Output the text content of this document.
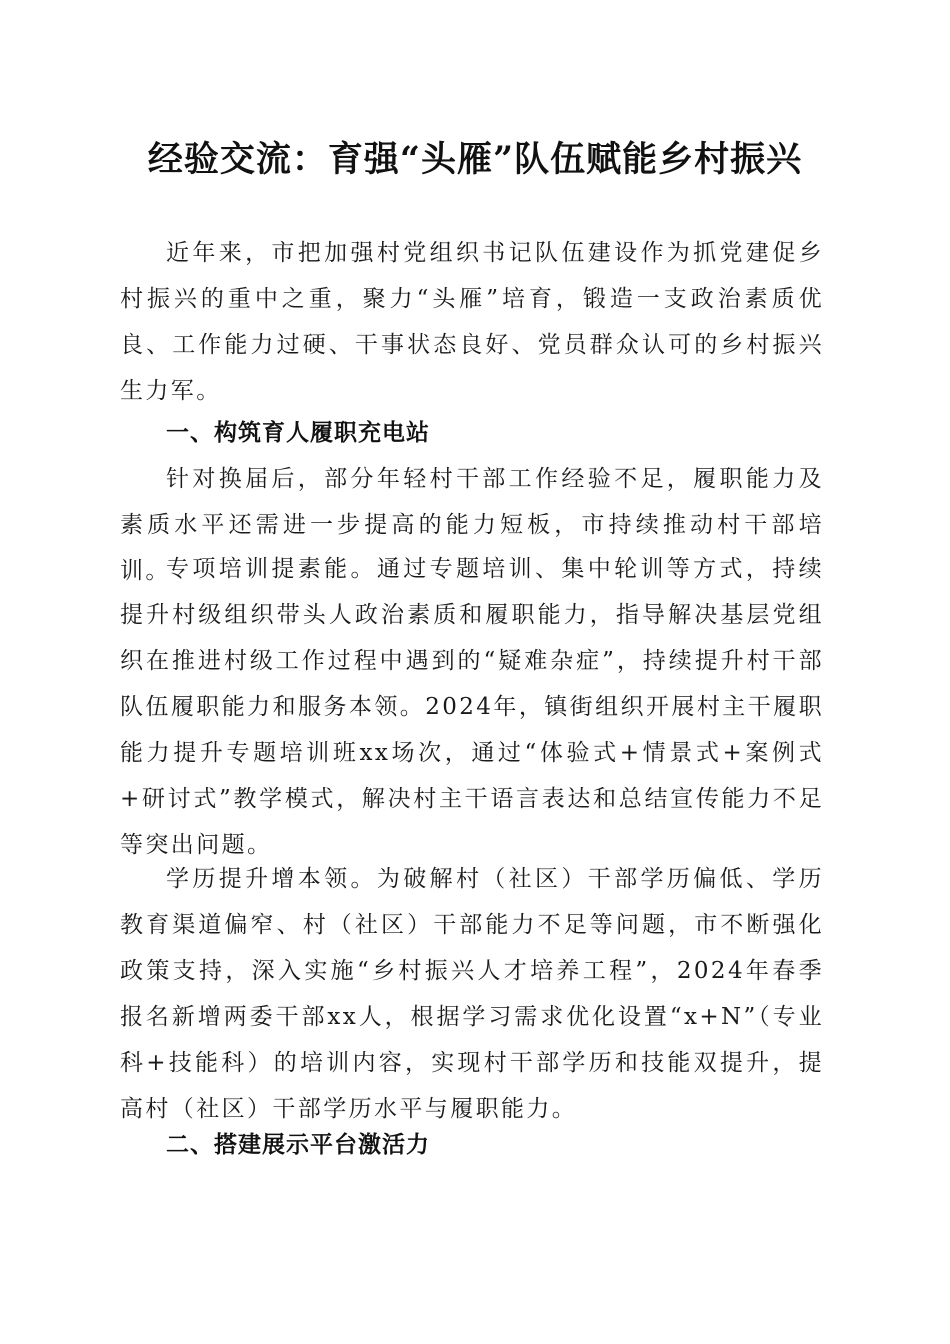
经验交流：育强“头雁”队伍赋能乡村振兴

近年来，市把加强村党组织书记队伍建设作为抓党建促乡村振兴的重中之重，聚力“头雁”培育，锻造一支政治素质优良、工作能力过硬、干事状态良好、党员群众认可的乡村振兴生力军。

一、构筑育人履职充电站

针对换届后，部分年轻村干部工作经验不足，履职能力及素质水平还需进一步提高的能力短板，市持续推动村干部培训。

专项培训提素能。通过专题培训、集中轮训等方式，持续提升村级组织带头人政治素质和履职能力，指导解决基层党组织在推进村级工作过程中遇到的“疑难杂症”，持续提升村干部队伍履职能力和服务本领。2024年，镇街组织开展村主干履职能力提升专题培训班xx场次，通过“体验式+情景式+案例式+研讨式”教学模式，解决村主干语言表达和总结宣传能力不足等突出问题。

学历提升增本领。为破解村（社区）干部学历偏低、学历教育渠道偏窄、村（社区）干部能力不足等问题，市不断强化政策支持，深入实施“乡村振兴人才培养工程”，2024年春季报名新增两委干部xx人，根据学习需求优化设置“x+N”（专业科+技能科）的培训内容，实现村干部学历和技能双提升，提高村（社区）干部学历水平与履职能力。

二、搭建展示平台激活力
